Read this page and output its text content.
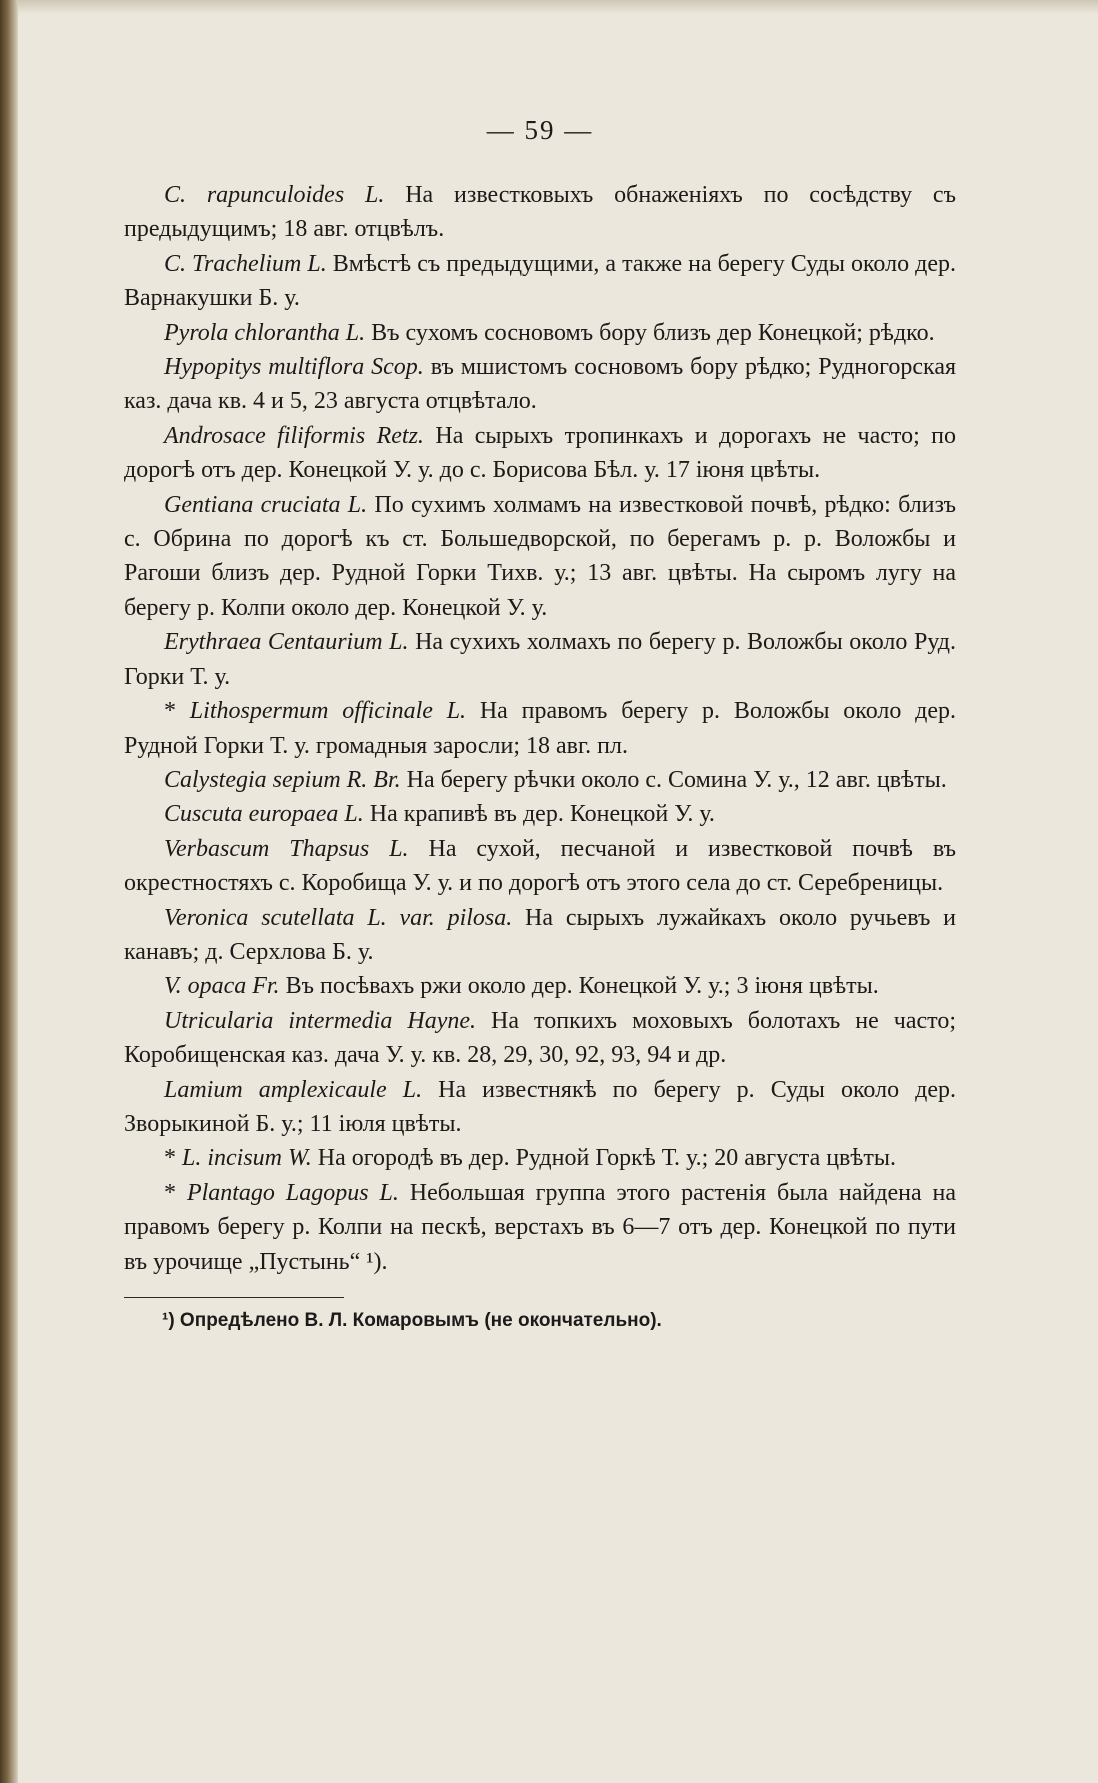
— 59 —

C. rapunculoides L. На известковыхъ обнаженіяхъ по сосѣдству съ предыдущимъ; 18 авг. отцвѣлъ.

C. Trachelium L. Вмѣстѣ съ предыдущими, а также на берегу Суды около дер. Варнакушки Б. у.

Pyrola chlorantha L. Въ сухомъ сосновомъ бору близъ дер Конецкой; рѣдко.

Hypopitys multiflora Scop. въ мшистомъ сосновомъ бору рѣдко; Рудногорская каз. дача кв. 4 и 5, 23 августа отцвѣтало.

Androsace filiformis Retz. На сырыхъ тропинкахъ и дорогахъ не часто; по дорогѣ отъ дер. Конецкой У. у. до с. Борисова Бѣл. у. 17 іюня цвѣты.

Gentiana cruciata L. По сухимъ холмамъ на известковой почвѣ, рѣдко: близъ с. Обрина по дорогѣ къ ст. Большедворской, по берегамъ р. р. Воложбы и Рагоши близъ дер. Рудной Горки Тихв. у.; 13 авг. цвѣты. На сыромъ лугу на берегу р. Колпи около дер. Конецкой У. у.

Erythraea Centaurium L. На сухихъ холмахъ по берегу р. Воложбы около Руд. Горки Т. у.

* Lithospermum officinale L. На правомъ берегу р. Воложбы около дер. Рудной Горки Т. у. громадныя заросли; 18 авг. пл.

Calystegia sepium R. Br. На берегу рѣчки около с. Сомина У. у., 12 авг. цвѣты.

Cuscuta europaea L. На крапивѣ въ дер. Конецкой У. у.

Verbascum Thapsus L. На сухой, песчаной и известковой почвѣ въ окрестностяхъ с. Коробища У. у. и по дорогѣ отъ этого села до ст. Серебреницы.

Veronica scutellata L. var. pilosa. На сырыхъ лужайкахъ около ручьевъ и канавъ; д. Серхлова Б. у.

V. opaca Fr. Въ посѣвахъ ржи около дер. Конецкой У. у.; 3 іюня цвѣты.

Utricularia intermedia Hayne. На топкихъ моховыхъ болотахъ не часто; Коробищенская каз. дача У. у. кв. 28, 29, 30, 92, 93, 94 и др.

Lamium amplexicaule L. На известнякѣ по берегу р. Суды около дер. Зворыкиной Б. у.; 11 іюля цвѣты.

* L. incisum W. На огородѣ въ дер. Рудной Горкѣ Т. у.; 20 августа цвѣты.

* Plantago Lagopus L. Небольшая группа этого растенія была найдена на правомъ берегу р. Колпи на пескѣ, верстахъ въ 6—7 отъ дер. Конецкой по пути въ урочище „Пустынь“ ¹).

¹) Опредѣлено В. Л. Комаровымъ (не окончательно).
